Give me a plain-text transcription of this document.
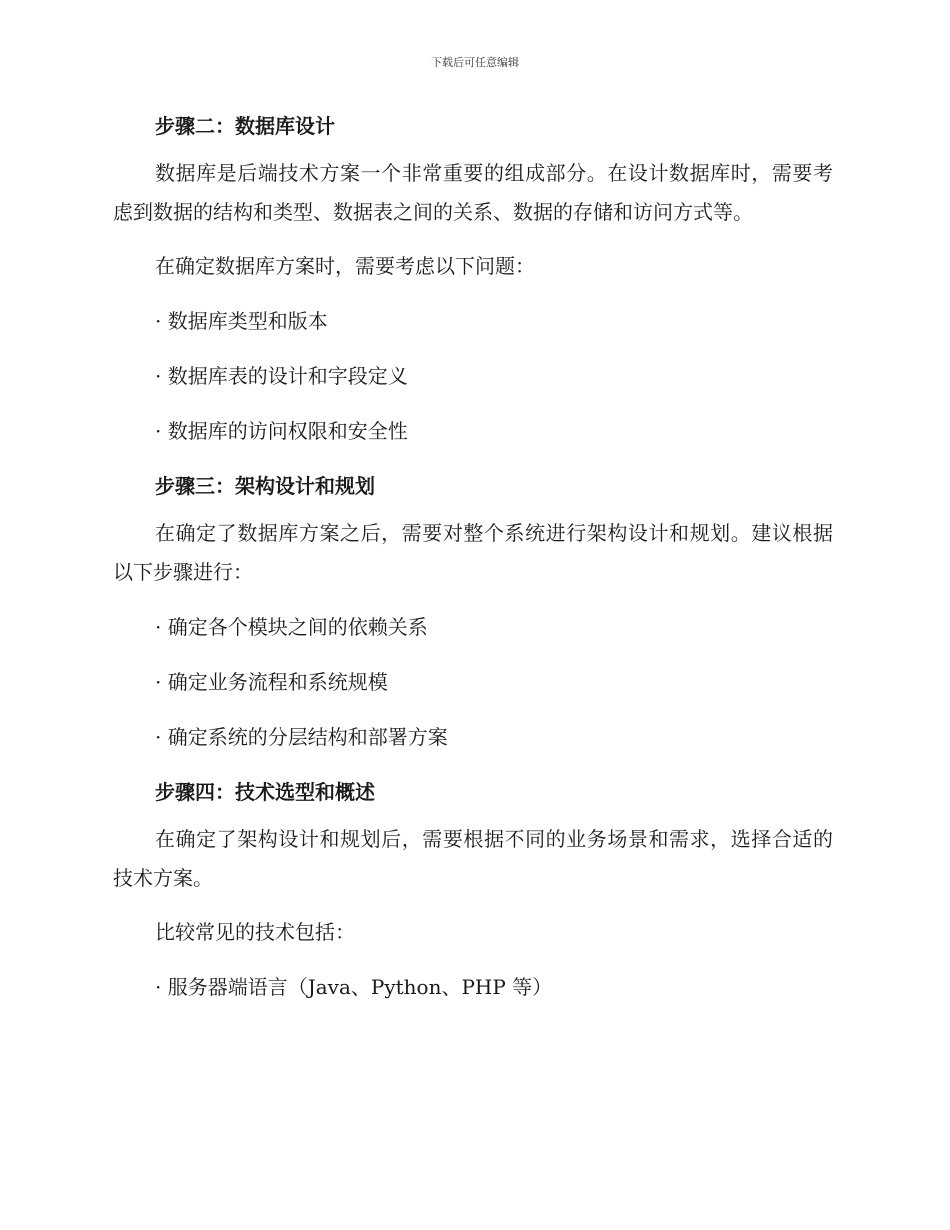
下载后可任意编辑
步骤二：数据库设计

数据库是后端技术方案一个非常重要的组成部分。在设计数据库时，需要考虑到数据的结构和类型、数据表之间的关系、数据的存储和访问方式等。

在确定数据库方案时，需要考虑以下问题：

· 数据库类型和版本
· 数据库表的设计和字段定义
· 数据库的访问权限和安全性
步骤三：架构设计和规划

在确定了数据库方案之后，需要对整个系统进行架构设计和规划。建议根据以下步骤进行：

· 确定各个模块之间的依赖关系
· 确定业务流程和系统规模
· 确定系统的分层结构和部署方案
步骤四：技术选型和概述

在确定了架构设计和规划后，需要根据不同的业务场景和需求，选择合适的技术方案。

比较常见的技术包括：

· 服务器端语言（Java、Python、PHP 等）
